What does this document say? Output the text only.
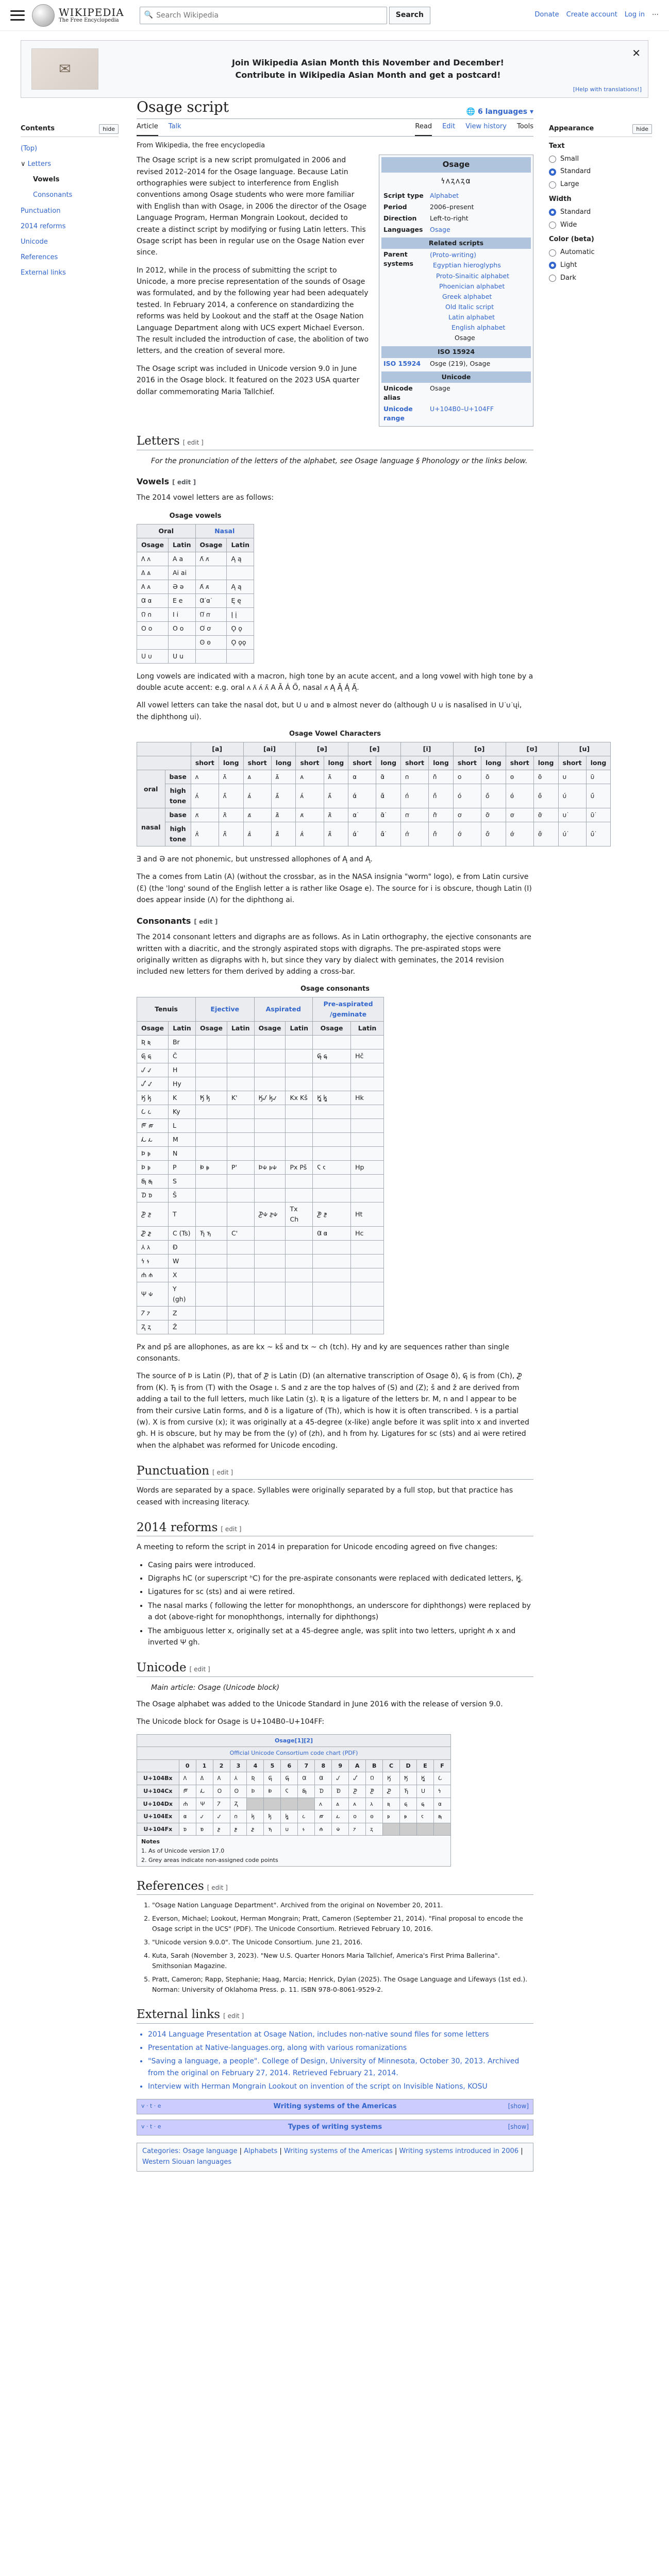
WIKIPEDIA
The Free Encyclopedia
🔍
Search Wikipedia	Search	Donate Create account Log in ⋯
✉	Join Wikipedia Asian Month this November and December!
Contribute in Wikipedia Asian Month and get a postcard!
✕
[Help with translations!]
Contents	hide
(Top)
∨ Letters
Vowels
Consonants
Punctuation
2014 reforms
Unicode
References
External links
Appearance	hide
Text
Small
Standard
Large
Width
Standard
Wide
Color (beta)
Automatic
Light
Dark
Osage script	🌐 6 languages ▾
Article Talk	Read Edit View history Tools
From Wikipedia, the free encyclopedia
Osage
𐓏𐓘𐓻𐓘𐓻𐓟
Script type	Alphabet
Period	2006–present
Direction	Left-to-right
Languages	Osage
Related scripts
Parent systems	
(Proto-writing)
Egyptian hieroglyphs
Proto-Sinaitic alphabet
Phoenician alphabet
Greek alphabet
Old Italic script
Latin alphabet
English alphabet
Osage
ISO 15924
ISO 15924	Osge (219), Osage
Unicode
Unicode alias	Osage
Unicode range	U+104B0–U+104FF

The Osage script is a new script promulgated in 2006 and revised 2012–2014 for the Osage language. Because Latin orthographies were subject to interference from English conventions among Osage students who were more familiar with English than with Osage, in 2006 the director of the Osage Language Program, Herman Mongrain Lookout, decided to create a distinct script by modifying or fusing Latin letters. This Osage script has been in regular use on the Osage Nation ever since.

In 2012, while in the process of submitting the script to Unicode, a more precise representation of the sounds of Osage was formulated, and by the following year had been adequately tested. In February 2014, a conference on standardizing the reforms was held by Lookout and the staff at the Osage Nation Language Department along with UCS expert Michael Everson. The result included the introduction of case, the abolition of two letters, and the creation of several more.

The Osage script was included in Unicode version 9.0 in June 2016 in the Osage block. It featured on the 2023 USA quarter dollar commemorating Maria Tallchief.

Letters [ edit ]
For the pronunciation of the letters of the alphabet, see Osage language § Phonology or the links below.
Vowels [ edit ]

The 2014 vowel letters are as follows:

Osage vowels
Oral		Nasal	
Osage	Latin	Osage	Latin
𐒰 𐓘	A a	𐒰͘ 𐓘͘	Ą ą
𐒱 𐓙	Ai ai		
𐒲 𐓚	Ə ə	𐒲͘ 𐓚͘	Ą ą
𐒷 𐓟	E e	𐒷͘ 𐓟͘	Ę ę
𐒻 𐓣	I i	𐒻͘ 𐓣͘	Į į
𐓂 𐓪	O o	𐓂͘ 𐓪͘	Ǫ ǫ
		𐓃 𐓫	Ǫ ǫǫ
𐓎 𐓶	U u		

Long vowels are indicated with a macron, high tone by an acute accent, and a long vowel with high tone by a double acute accent: e.g. oral 𐓘 𐓘̄ 𐓘́ 𐓘̋ A Ā Á Ő, nasal 𐓘͘ Ą Ą̄ Ą́ Ą̋.

All vowel letters can take the nasal dot, but 𐓎 𐓶 and 𐓱 almost never do (although 𐓎 𐓶 is nasalised in 𐓎͘ 𐓶͘ ųi, the diphthong ui).

Osage Vowel Characters
		[a]		[ai]		[ə]		[e]		[i]		[o]		[ʊ]		[u]	
		short	long	short	long	short	long	short	long	short	long	short	long	short	long	short	long
oral	base	𐓘	𐓘̄	𐓙	𐓙̄	𐓚	𐓚̄	𐓟	𐓟̄	𐓣	𐓣̄	𐓪	𐓪̄	𐓫	𐓫̄	𐓶	𐓶̄
	high tone	𐓘́	𐓘̋	𐓙́	𐓙̋	𐓚́	𐓚̋	𐓟́	𐓟̋	𐓣́	𐓣̋	𐓪́	𐓪̋	𐓫́	𐓫̋	𐓶́	𐓶̋
nasal	base	𐓘͘	𐓘̄͘	𐓙͘	𐓙̄͘	𐓚͘	𐓚̄͘	𐓟͘	𐓟̄͘	𐓣͘	𐓣̄͘	𐓪͘	𐓪̄͘	𐓫͘	𐓫̄͘	𐓶͘	𐓶̄͘
	high tone	𐓘́͘	𐓘̋͘	𐓙́͘	𐓙̋͘	𐓚́͘	𐓚̋͘	𐓟́͘	𐓟̋͘	𐓣́͘	𐓣̋͘	𐓪́͘	𐓪̋͘	𐓫́͘	𐓫̋͘	𐓶́͘	𐓶̋͘

Ǝ and Ə are not phonemic, but unstressed allophones of Ą and Ą.

The a comes from Latin (A) (without the crossbar, as in the NASA insignia "worm" logo), e from Latin cursive (Ɛ) (the 'long' sound of the English letter a is rather like Osage e). The source for i is obscure, though Latin (I) does appear inside (Λ) for the diphthong ai.

Consonants [ edit ]

The 2014 consonant letters and digraphs are as follows. As in Latin orthography, the ejective consonants are written with a diacritic, and the strongly aspirated stops with digraphs. The pre-aspirated stops were originally written as digraphs with h, but since they vary by dialect with geminates, the 2014 revision included new letters for them derived by adding a cross-bar.

Osage consonants
Tenuis		Ejective		Aspirated		Pre-aspirated /geminate	
Osage	Latin	Osage	Latin	Osage	Latin	Osage	Latin
𐒴 𐓜	Br						
𐒵 𐓝	Č					𐒶 𐓞	Hč
𐒹 𐓡	H						
𐒺 𐓢	Hy						
𐒼 𐓤	K	𐒽 𐓥	K'	𐒼𐒹 𐓤𐓡	Kx Kš	𐒾 𐓦	Hk
𐒿 𐓧	Ky						
𐓀 𐓨	L						
𐓁 𐓩	M						
𐓄 𐓬	N						
𐓄 𐓬	P	𐓅 𐓭	P'	𐓄𐓹 𐓬𐓹	Px Pš	𐓆 𐓮	Hp
𐓇 𐓯	S						
𐓈 𐓰	Š						
𐓊 𐓲	T			𐓊𐓹 𐓲𐓹	Tx Ch	𐓋 𐓳	Ht
𐓌 𐓴	C (Ts)	𐓍 𐓵	C'			𐒸 𐓠	Hc
𐒳 𐓛	Ð						
𐓏 𐓷	W						
𐓐 𐓸	X						
𐓑 𐓹	Y (gh)						
𐓒 𐓺	Z						
𐓓 𐓻	Ž						

Px and pš are allophones, as are kx ~ kš and tx ~ ch (tch). Hy and ky are sequences rather than single consonants.

The source of 𐓄 is Latin (P), that of 𐓊 is Latin (D) (an alternative transcription of Osage ð), 𐒵 is from (Ch), 𐓌 from (K). 𐓍 is from (T) with the Osage ı. S and z are the top halves of (S) and (Z); š and ž are derived from adding a tail to the full letters, much like Latin (ʒ). 𐒴 is a ligature of the letters br. M, n and l appear to be from their cursive Latin forms, and ð is a ligature of (Th), which is how it is often transcribed. 𐓏 is a partial (w). X is from cursive (x); it was originally at a 45-degree (x-like) angle before it was split into x and inverted gh. H is obscure, but hy may be from the (y) of (zh), and h from hy. Ligatures for sc (sts) and ai were retired when the alphabet was reformed for Unicode encoding.

Punctuation [ edit ]

Words are separated by a space. Syllables were originally separated by a full stop, but that practice has ceased with increasing literacy.

2014 reforms [ edit ]

A meeting to reform the script in 2014 in preparation for Unicode encoding agreed on five changes:

• Casing pairs were introduced.
• Digraphs hC (or superscript ʰC) for the pre-aspirate consonants were replaced with dedicated letters, 𐒾.
• Ligatures for sc (sts) and ai were retired.
• The nasal marks (͘ following the letter for monophthongs, an underscore for diphthongs) were replaced by a dot (above-right for monophthongs, internally for diphthongs)
• The ambiguous letter x, originally set at a 45-degree angle, was split into two letters, upright 𐓐 x and inverted 𐓑 gh.
Unicode [ edit ]
Main article: Osage (Unicode block)

The Osage alphabet was added to the Unicode Standard in June 2016 with the release of version 9.0.

The Unicode block for Osage is U+104B0–U+104FF:

Osage[1][2]																
Official Unicode Consortium code chart (PDF)																
	0	1	2	3	4	5	6	7	8	9	A	B	C	D	E	F
U+104Bx	𐒰	𐒱	𐒲	𐒳	𐒴	𐒵	𐒶	𐒷	𐒸	𐒹	𐒺	𐒻	𐒼	𐒽	𐒾	𐒿
U+104Cx	𐓀	𐓁	𐓂	𐓃	𐓄	𐓅	𐓆	𐓇	𐓈	𐓉	𐓊	𐓋	𐓌	𐓍	𐓎	𐓏
U+104Dx	𐓐	𐓑	𐓒	𐓓					𐓘	𐓙	𐓚	𐓛	𐓜	𐓝	𐓞	𐓟
U+104Ex	𐓠	𐓡	𐓢	𐓣	𐓤	𐓥	𐓦	𐓧	𐓨	𐓩	𐓪	𐓫	𐓬	𐓭	𐓮	𐓯
U+104Fx	𐓰	𐓱	𐓲	𐓳	𐓴	𐓵	𐓶	𐓷	𐓸	𐓹	𐓺	𐓻				
Notes
1. As of Unicode version 17.0
2. Grey areas indicate non-assigned code points																
References [ edit ]
1. "Osage Nation Language Department". Archived from the original on November 20, 2011.
2. Everson, Michael; Lookout, Herman Mongrain; Pratt, Cameron (September 21, 2014). "Final proposal to encode the Osage script in the UCS" (PDF). The Unicode Consortium. Retrieved February 10, 2016.
3. "Unicode version 9.0.0". The Unicode Consortium. June 21, 2016.
4. Kuta, Sarah (November 3, 2023). "New U.S. Quarter Honors Maria Tallchief, America's First Prima Ballerina". Smithsonian Magazine.
5. Pratt, Cameron; Rapp, Stephanie; Haag, Marcia; Henrick, Dylan (2025). The Osage Language and Lifeways (1st ed.). Norman: University of Oklahoma Press. p. 11. ISBN 978-0-8061-9529-2.
External links [ edit ]
• 2014 Language Presentation at Osage Nation, includes non-native sound files for some letters
• Presentation at Native-languages.org, along with various romanizations
• "Saving a language, a people". College of Design, University of Minnesota, October 30, 2013. Archived from the original on February 27, 2014. Retrieved February 21, 2014.
• Interview with Herman Mongrain Lookout on invention of the script on Invisible Nations, KOSU
v · t · e	Writing systems of the Americas	[show]
v · t · e	Types of writing systems	[show]
Categories: Osage language | Alphabets | Writing systems of the Americas | Writing systems introduced in 2006 | Western Siouan languages
